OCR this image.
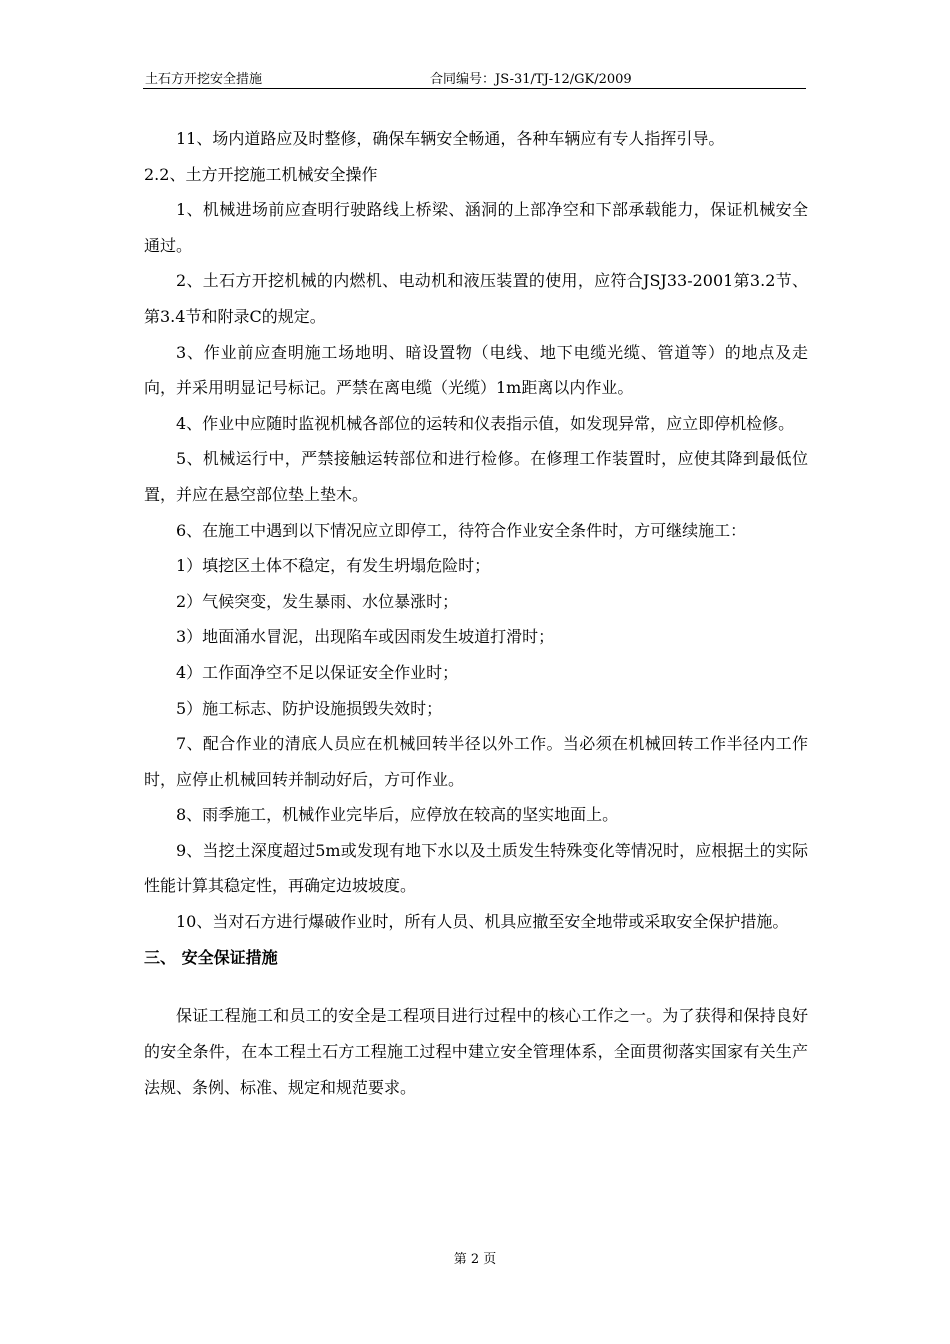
土石方开挖安全措施	合同编号：JS-31/TJ-12/GK/2009

11、场内道路应及时整修，确保车辆安全畅通，各种车辆应有专人指挥引导。

2.2、土方开挖施工机械安全操作

1、机械进场前应查明行驶路线上桥梁、涵洞的上部净空和下部承载能力，保证机械安全通过。

2、土石方开挖机械的内燃机、电动机和液压装置的使用，应符合JSJ33-2001第3.2节、第3.4节和附录C的规定。

3、作业前应查明施工场地明、暗设置物（电线、地下电缆光缆、管道等）的地点及走向，并采用明显记号标记。严禁在离电缆（光缆）1m距离以内作业。

4、作业中应随时监视机械各部位的运转和仪表指示值，如发现异常，应立即停机检修。

5、机械运行中，严禁接触运转部位和进行检修。在修理工作装置时，应使其降到最低位置，并应在悬空部位垫上垫木。

6、在施工中遇到以下情况应立即停工，待符合作业安全条件时，方可继续施工：

1）填挖区土体不稳定，有发生坍塌危险时；

2）气候突变，发生暴雨、水位暴涨时；

3）地面涌水冒泥，出现陷车或因雨发生坡道打滑时；

4）工作面净空不足以保证安全作业时；

5）施工标志、防护设施损毁失效时；

7、配合作业的清底人员应在机械回转半径以外工作。当必须在机械回转工作半径内工作时，应停止机械回转并制动好后，方可作业。

8、雨季施工，机械作业完毕后，应停放在较高的坚实地面上。

9、当挖土深度超过5m或发现有地下水以及土质发生特殊变化等情况时，应根据土的实际性能计算其稳定性，再确定边坡坡度。

10、当对石方进行爆破作业时，所有人员、机具应撤至安全地带或采取安全保护措施。

三、 安全保证措施

保证工程施工和员工的安全是工程项目进行过程中的核心工作之一。为了获得和保持良好的安全条件，在本工程土石方工程施工过程中建立安全管理体系，全面贯彻落实国家有关生产法规、条例、标准、规定和规范要求。

第 2 页
